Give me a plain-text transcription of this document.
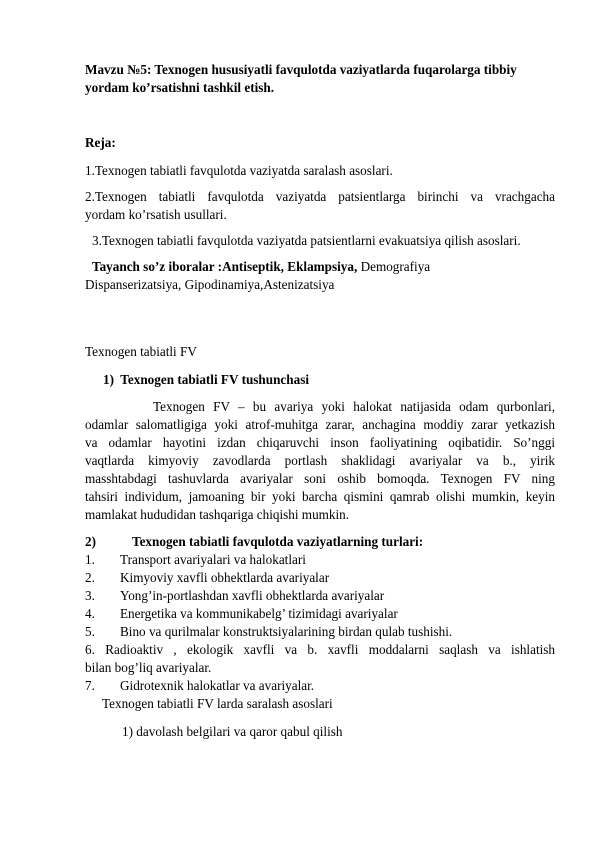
Mavzu №5: Texnogen hususiyatli favqulotda vaziyatlarda fuqarolarga tibbiy
yordam ko’rsatishni tashkil etish.
Reja:
1.Texnogen tabiatli favqulotda vaziyatda saralash asoslari.
2.Texnogen tabiatli favqulotda vaziyatda patsientlarga birinchi va vrachgacha
yordam ko’rsatish usullari.
3.Texnogen tabiatli favqulotda vaziyatda patsientlarni evakuatsiya qilish asoslari.
Tayanch so’z iboralar :Antiseptik, Eklampsiya, Demografiya
Dispanserizatsiya, Gipodinamiya,Astenizatsiya
Texnogen tabiatli FV
1) Texnogen tabiatli FV tushunchasi
Texnogen FV – bu avariya yoki halokat natijasida odam qurbonlari,
odamlar salomatligiga yoki atrof-muhitga zarar, anchagina moddiy zarar yetkazish
va odamlar hayotini izdan chiqaruvchi inson faoliyatining oqibatidir. So’nggi
vaqtlarda kimyoviy zavodlarda portlash shaklidagi avariyalar va b., yirik
masshtabdagi tashuvlarda avariyalar soni oshib bomoqda. Texnogen FV ning
tahsiri individum, jamoaning bir yoki barcha qismini qamrab olishi mumkin, keyin
mamlakat hududidan tashqariga chiqishi mumkin.
2)	Texnogen tabiatli favqulotda vaziyatlarning turlari:
1. Transport avariyalari va halokatlari
2. Kimyoviy xavfli obhektlarda avariyalar
3. Yong’in-portlashdan xavfli obhektlarda avariyalar
4. Energetika va kommunikabelg’ tizimidagi avariyalar
5. Bino va qurilmalar konstruktsiyalarining birdan qulab tushishi.
6. Radioaktiv , ekologik xavfli va b. xavfli moddalarni saqlash va ishlatish
bilan bog’liq avariyalar.
7. Gidrotexnik halokatlar va avariyalar.
Texnogen tabiatli FV larda saralash asoslari
1) davolash belgilari va qaror qabul qilish
